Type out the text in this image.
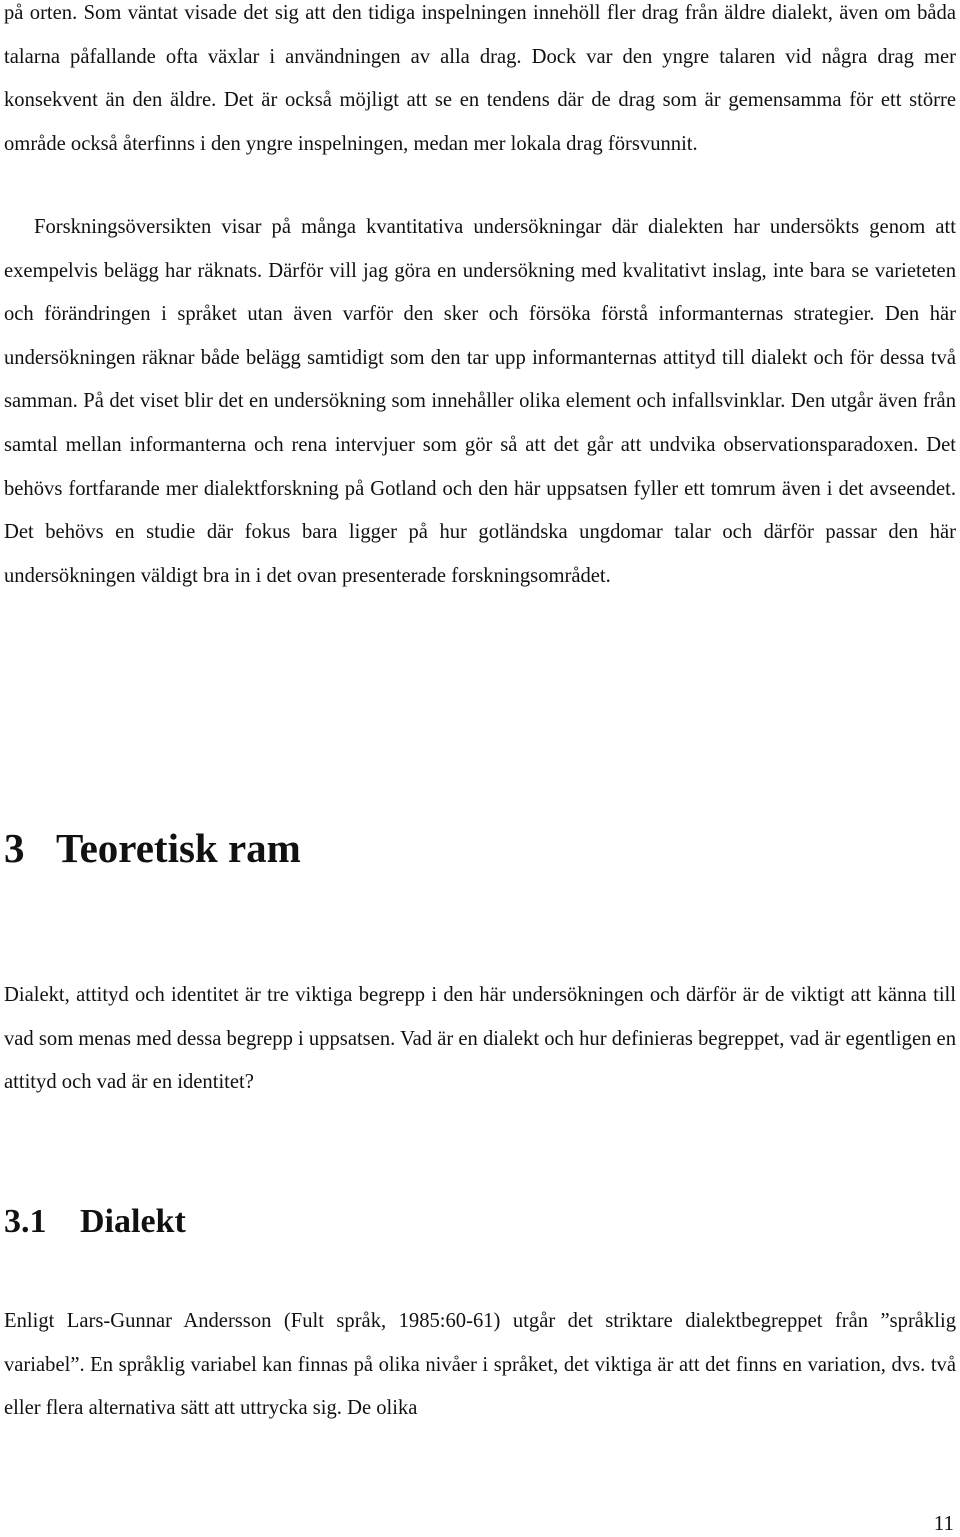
på orten. Som väntat visade det sig att den tidiga inspelningen innehöll fler drag från äldre dialekt, även om båda talarna påfallande ofta växlar i användningen av alla drag. Dock var den yngre talaren vid några drag mer konsekvent än den äldre. Det är också möjligt att se en tendens där de drag som är gemensamma för ett större område också återfinns i den yngre inspelningen, medan mer lokala drag försvunnit.

Forskningsöversikten visar på många kvantitativa undersökningar där dialekten har undersökts genom att exempelvis belägg har räknats. Därför vill jag göra en undersökning med kvalitativt inslag, inte bara se varieteten och förändringen i språket utan även varför den sker och försöka förstå informanternas strategier. Den här undersökningen räknar både belägg samtidigt som den tar upp informanternas attityd till dialekt och för dessa två samman. På det viset blir det en undersökning som innehåller olika element och infallsvinklar. Den utgår även från samtal mellan informanterna och rena intervjuer som gör så att det går att undvika observationsparadoxen. Det behövs fortfarande mer dialektforskning på Gotland och den här uppsatsen fyller ett tomrum även i det avseendet. Det behövs en studie där fokus bara ligger på hur gotländska ungdomar talar och därför passar den här undersökningen väldigt bra in i det ovan presenterade forskningsområdet.

3 Teoretisk ram

Dialekt, attityd och identitet är tre viktiga begrepp i den här undersökningen och därför är de viktigt att känna till vad som menas med dessa begrepp i uppsatsen. Vad är en dialekt och hur definieras begreppet, vad är egentligen en attityd och vad är en identitet?

3.1 Dialekt

Enligt Lars-Gunnar Andersson (Fult språk, 1985:60-61) utgår det striktare dialektbegreppet från ”språklig variabel”. En språklig variabel kan finnas på olika nivåer i språket, det viktiga är att det finns en variation, dvs. två eller flera alternativa sätt att uttrycka sig. De olika

11
